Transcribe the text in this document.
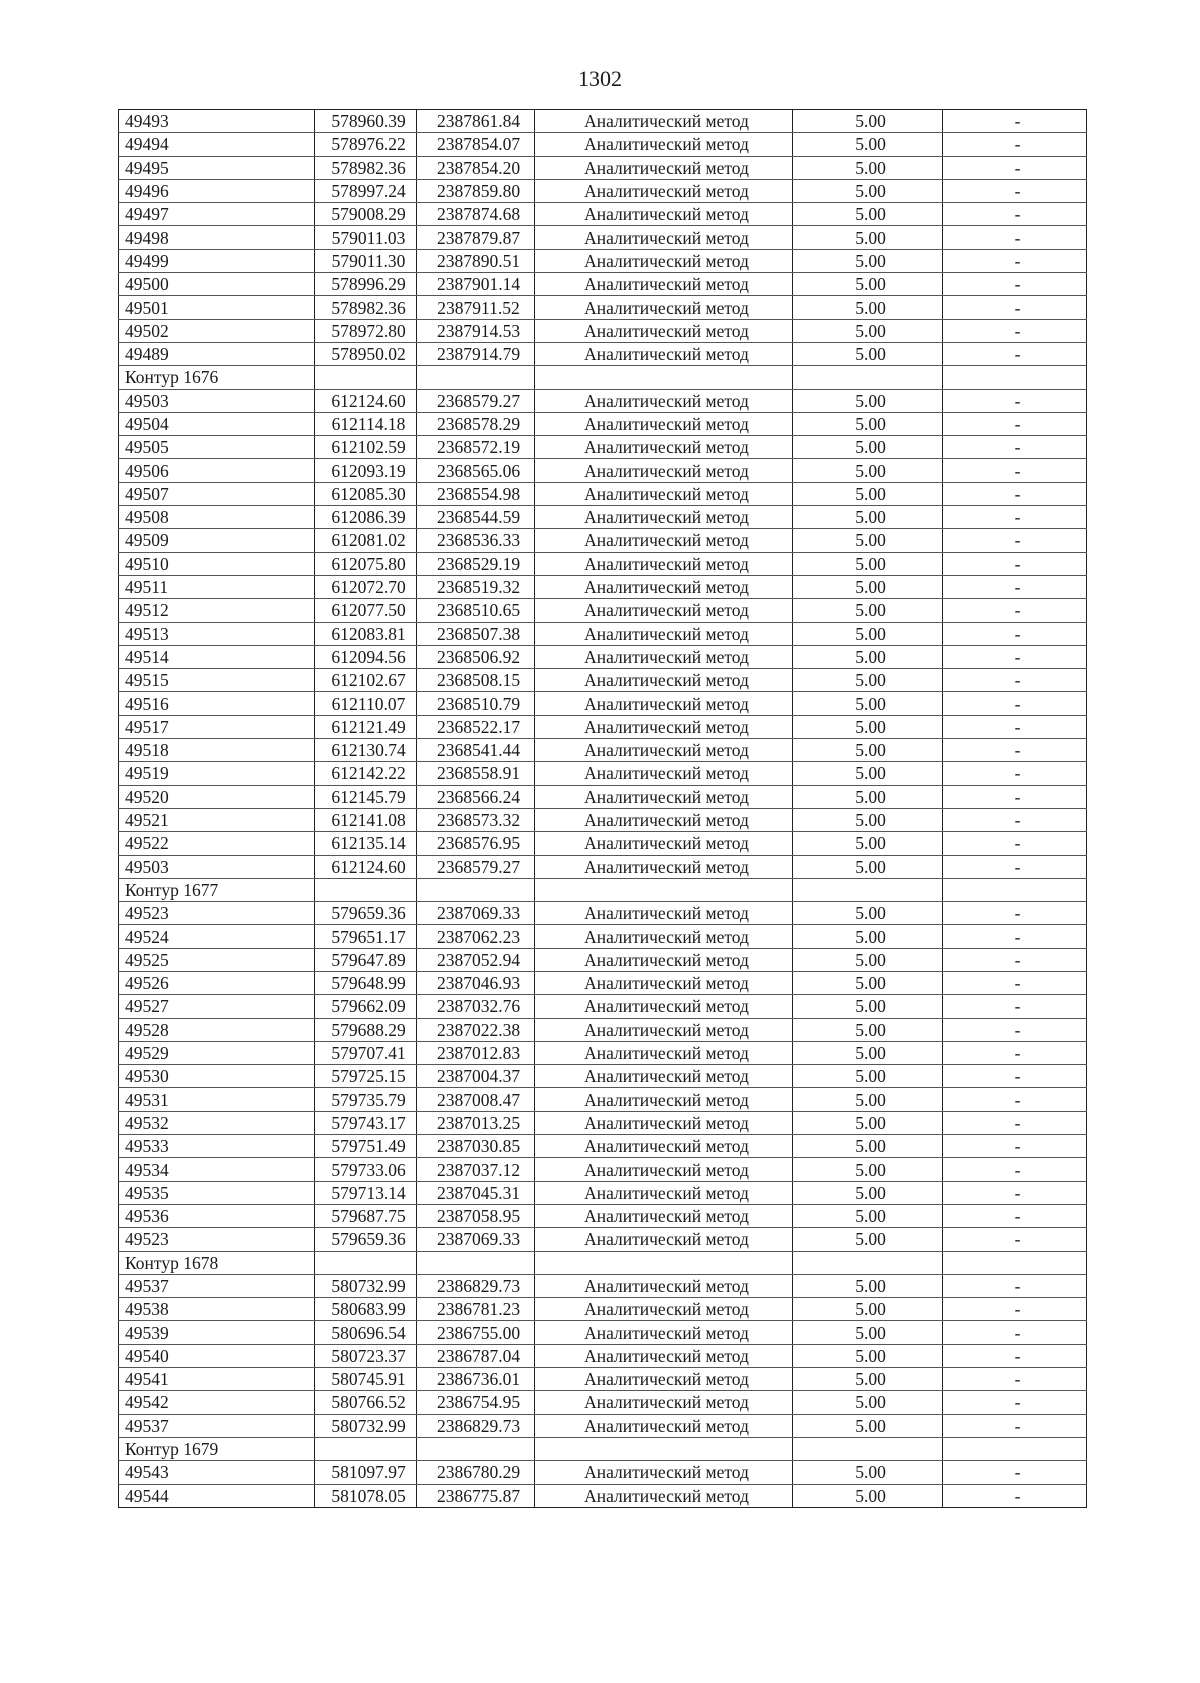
1302
49493	578960.39	2387861.84	Аналитический метод	5.00	-
49494	578976.22	2387854.07	Аналитический метод	5.00	-
49495	578982.36	2387854.20	Аналитический метод	5.00	-
49496	578997.24	2387859.80	Аналитический метод	5.00	-
49497	579008.29	2387874.68	Аналитический метод	5.00	-
49498	579011.03	2387879.87	Аналитический метод	5.00	-
49499	579011.30	2387890.51	Аналитический метод	5.00	-
49500	578996.29	2387901.14	Аналитический метод	5.00	-
49501	578982.36	2387911.52	Аналитический метод	5.00	-
49502	578972.80	2387914.53	Аналитический метод	5.00	-
49489	578950.02	2387914.79	Аналитический метод	5.00	-
Контур 1676					
49503	612124.60	2368579.27	Аналитический метод	5.00	-
49504	612114.18	2368578.29	Аналитический метод	5.00	-
49505	612102.59	2368572.19	Аналитический метод	5.00	-
49506	612093.19	2368565.06	Аналитический метод	5.00	-
49507	612085.30	2368554.98	Аналитический метод	5.00	-
49508	612086.39	2368544.59	Аналитический метод	5.00	-
49509	612081.02	2368536.33	Аналитический метод	5.00	-
49510	612075.80	2368529.19	Аналитический метод	5.00	-
49511	612072.70	2368519.32	Аналитический метод	5.00	-
49512	612077.50	2368510.65	Аналитический метод	5.00	-
49513	612083.81	2368507.38	Аналитический метод	5.00	-
49514	612094.56	2368506.92	Аналитический метод	5.00	-
49515	612102.67	2368508.15	Аналитический метод	5.00	-
49516	612110.07	2368510.79	Аналитический метод	5.00	-
49517	612121.49	2368522.17	Аналитический метод	5.00	-
49518	612130.74	2368541.44	Аналитический метод	5.00	-
49519	612142.22	2368558.91	Аналитический метод	5.00	-
49520	612145.79	2368566.24	Аналитический метод	5.00	-
49521	612141.08	2368573.32	Аналитический метод	5.00	-
49522	612135.14	2368576.95	Аналитический метод	5.00	-
49503	612124.60	2368579.27	Аналитический метод	5.00	-
Контур 1677					
49523	579659.36	2387069.33	Аналитический метод	5.00	-
49524	579651.17	2387062.23	Аналитический метод	5.00	-
49525	579647.89	2387052.94	Аналитический метод	5.00	-
49526	579648.99	2387046.93	Аналитический метод	5.00	-
49527	579662.09	2387032.76	Аналитический метод	5.00	-
49528	579688.29	2387022.38	Аналитический метод	5.00	-
49529	579707.41	2387012.83	Аналитический метод	5.00	-
49530	579725.15	2387004.37	Аналитический метод	5.00	-
49531	579735.79	2387008.47	Аналитический метод	5.00	-
49532	579743.17	2387013.25	Аналитический метод	5.00	-
49533	579751.49	2387030.85	Аналитический метод	5.00	-
49534	579733.06	2387037.12	Аналитический метод	5.00	-
49535	579713.14	2387045.31	Аналитический метод	5.00	-
49536	579687.75	2387058.95	Аналитический метод	5.00	-
49523	579659.36	2387069.33	Аналитический метод	5.00	-
Контур 1678					
49537	580732.99	2386829.73	Аналитический метод	5.00	-
49538	580683.99	2386781.23	Аналитический метод	5.00	-
49539	580696.54	2386755.00	Аналитический метод	5.00	-
49540	580723.37	2386787.04	Аналитический метод	5.00	-
49541	580745.91	2386736.01	Аналитический метод	5.00	-
49542	580766.52	2386754.95	Аналитический метод	5.00	-
49537	580732.99	2386829.73	Аналитический метод	5.00	-
Контур 1679					
49543	581097.97	2386780.29	Аналитический метод	5.00	-
49544	581078.05	2386775.87	Аналитический метод	5.00	-
